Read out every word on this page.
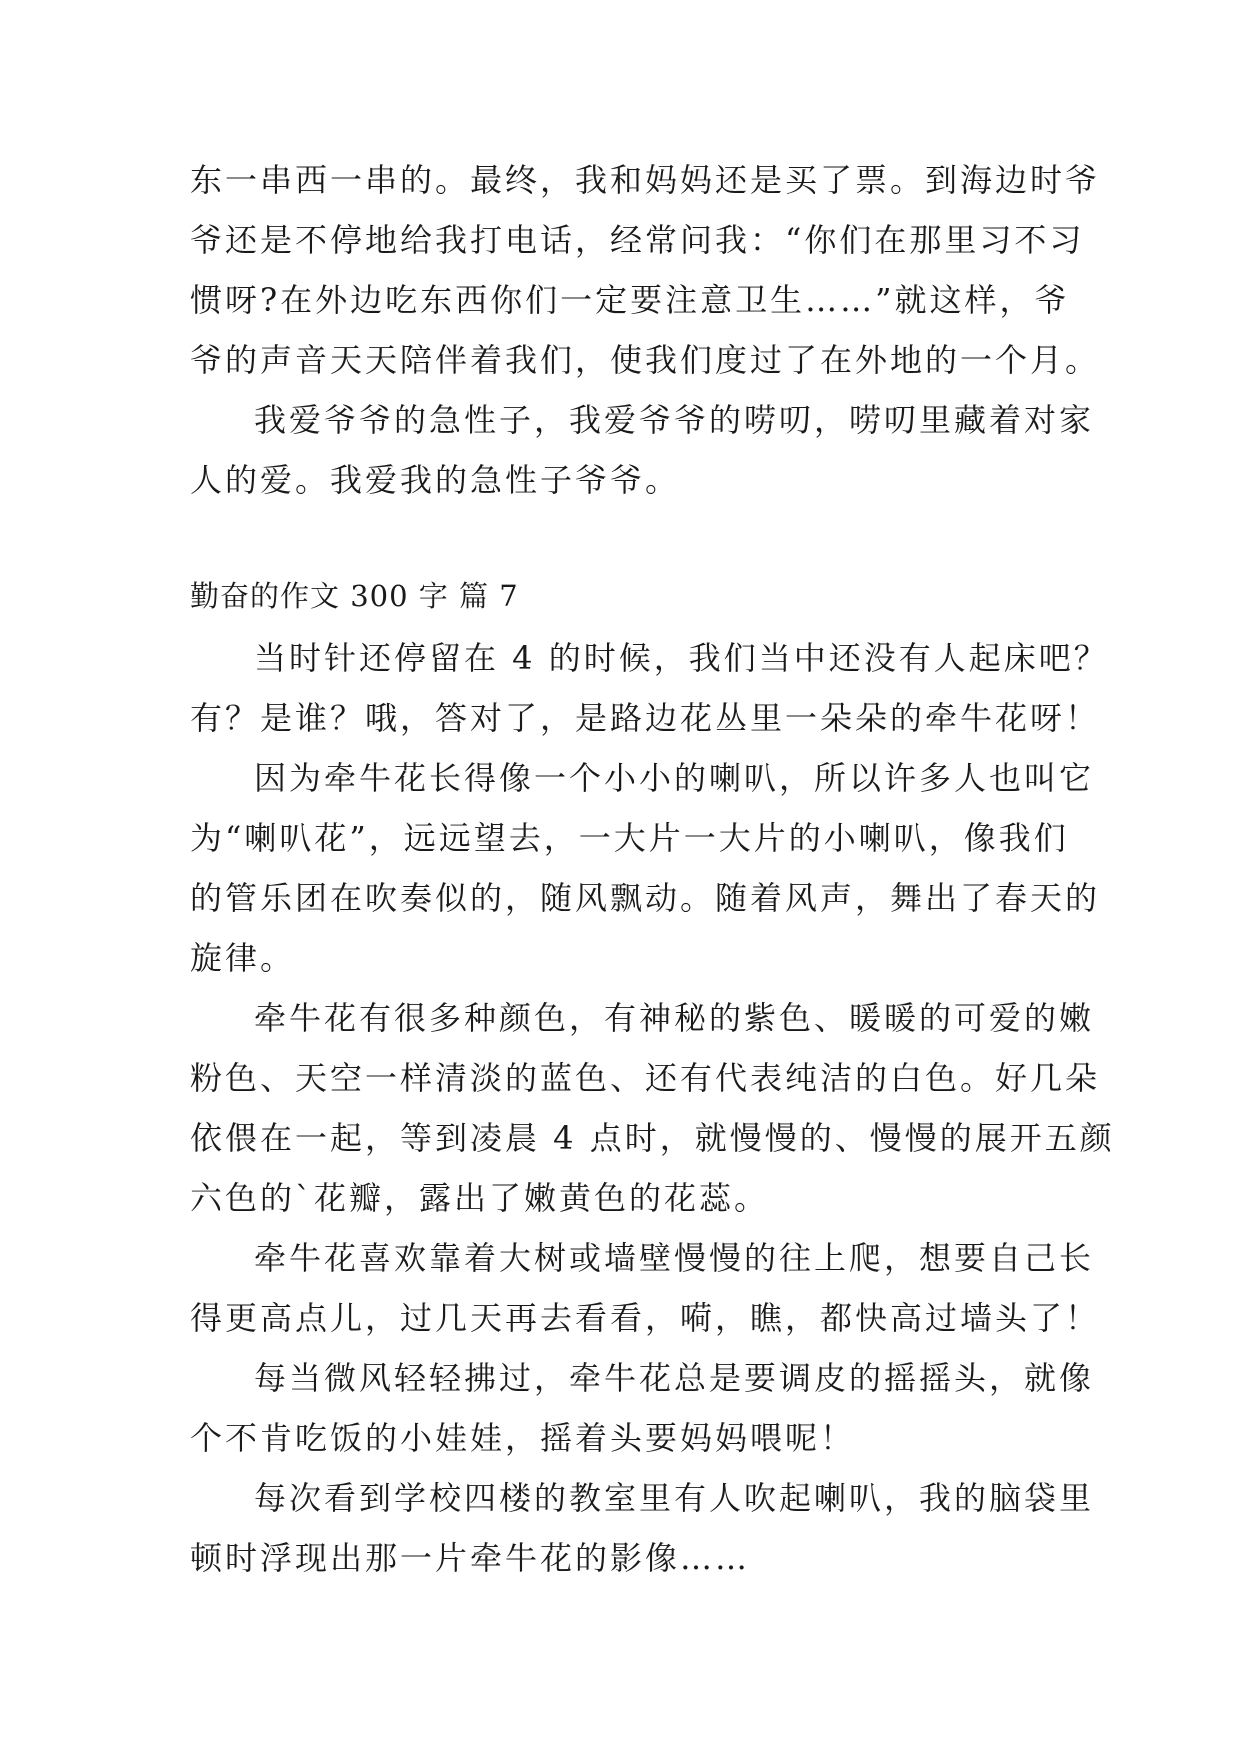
东一串西一串的。最终，我和妈妈还是买了票。到海边时爷
爷还是不停地给我打电话，经常问我：“你们在那里习不习
惯呀?在外边吃东西你们一定要注意卫生……”就这样，爷
爷的声音天天陪伴着我们，使我们度过了在外地的一个月。
我爱爷爷的急性子，我爱爷爷的唠叨，唠叨里藏着对家
人的爱。我爱我的急性子爷爷。
勤奋的作文 300 字 篇 7
当时针还停留在 4 的时候，我们当中还没有人起床吧？
有？是谁？哦，答对了，是路边花丛里一朵朵的牵牛花呀！
因为牵牛花长得像一个小小的喇叭，所以许多人也叫它
为“喇叭花”，远远望去，一大片一大片的小喇叭，像我们
的管乐团在吹奏似的，随风飘动。随着风声，舞出了春天的
旋律。
牵牛花有很多种颜色，有神秘的紫色、暖暖的可爱的嫩
粉色、天空一样清淡的蓝色、还有代表纯洁的白色。好几朵
依偎在一起，等到凌晨 4 点时，就慢慢的、慢慢的展开五颜
六色的`花瓣，露出了嫩黄色的花蕊。
牵牛花喜欢靠着大树或墙壁慢慢的往上爬，想要自己长
得更高点儿，过几天再去看看，嗬，瞧，都快高过墙头了！
每当微风轻轻拂过，牵牛花总是要调皮的摇摇头，就像
个不肯吃饭的小娃娃，摇着头要妈妈喂呢！
每次看到学校四楼的教室里有人吹起喇叭，我的脑袋里
顿时浮现出那一片牵牛花的影像……
